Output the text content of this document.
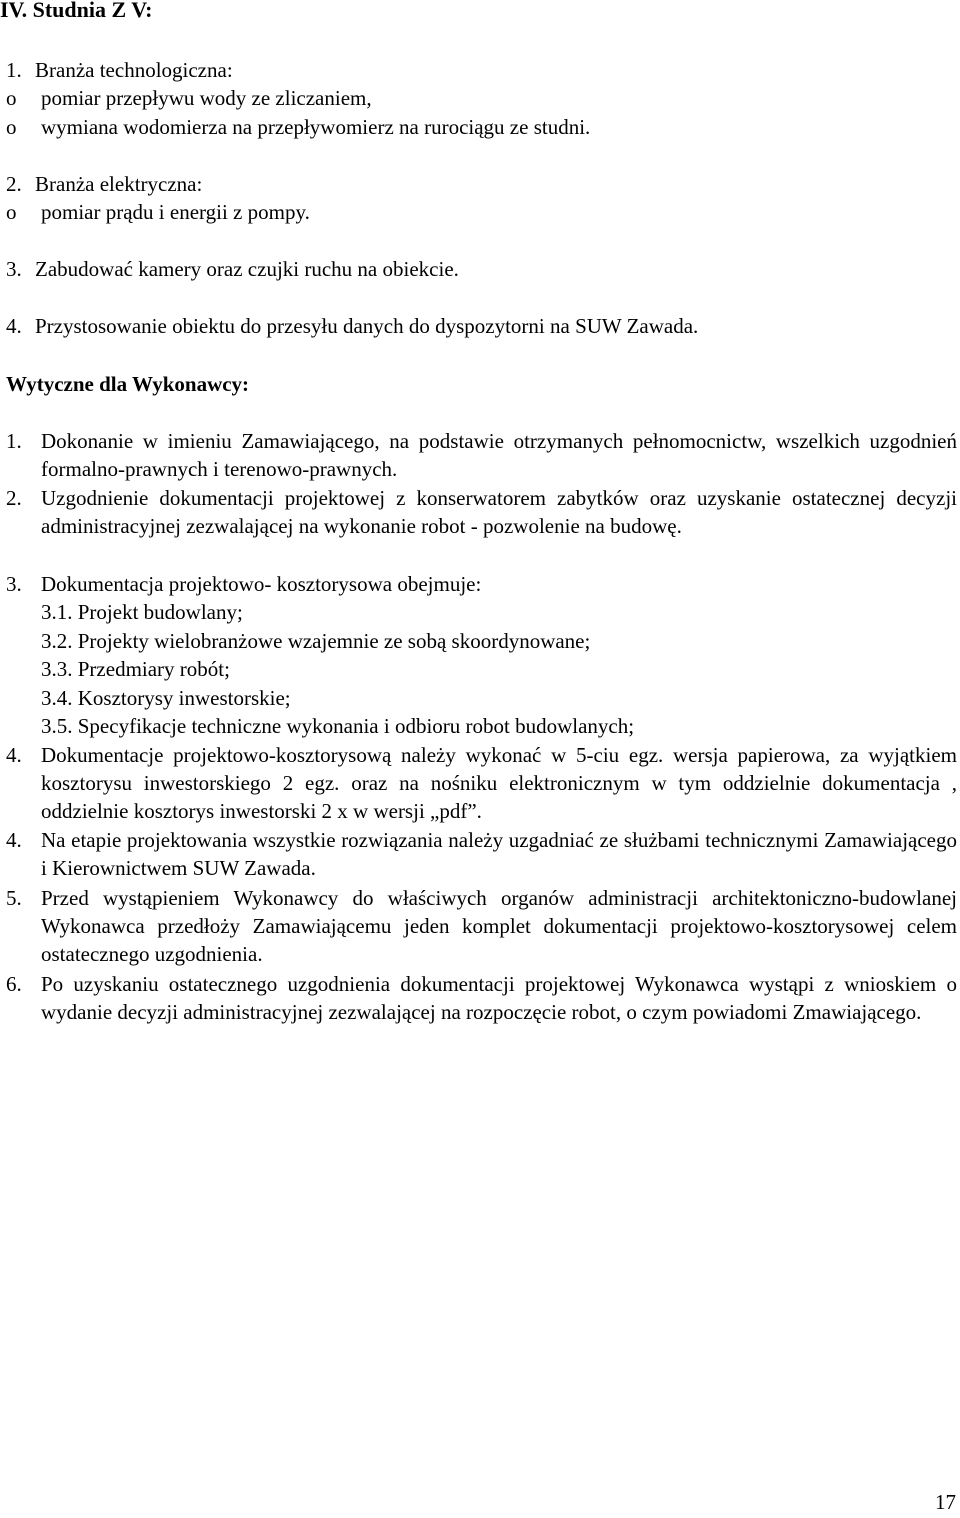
IV. Studnia Z V:
1. Branża technologiczna:
o pomiar przepływu wody ze zliczaniem,
o wymiana wodomierza na przepływomierz na rurociągu ze studni.
2. Branża elektryczna:
o pomiar prądu i energii z pompy.
3. Zabudować kamery oraz czujki ruchu na obiekcie.
4. Przystosowanie obiektu do przesyłu danych do dyspozytorni na SUW Zawada.
Wytyczne dla Wykonawcy:
1. Dokonanie w imieniu Zamawiającego, na podstawie otrzymanych pełnomocnictw, wszelkich uzgodnień formalno-prawnych i terenowo-prawnych.
2. Uzgodnienie dokumentacji projektowej z konserwatorem zabytków oraz uzyskanie ostatecznej decyzji administracyjnej zezwalającej na wykonanie robot - pozwolenie na budowę.
3. Dokumentacja projektowo- kosztorysowa obejmuje:
3.1. Projekt budowlany;
3.2. Projekty wielobranżowe wzajemnie ze sobą skoordynowane;
3.3. Przedmiary robót;
3.4. Kosztorysy inwestorskie;
3.5. Specyfikacje techniczne wykonania i odbioru robot budowlanych;
4. Dokumentacje projektowo-kosztorysową należy wykonać w 5-ciu egz. wersja papierowa, za wyjątkiem kosztorysu inwestorskiego 2 egz. oraz na nośniku elektronicznym w tym oddzielnie dokumentacja , oddzielnie kosztorys inwestorski 2 x w wersji „pdf”.
4. Na etapie projektowania wszystkie rozwiązania należy uzgadniać ze służbami technicznymi Zamawiającego i Kierownictwem SUW Zawada.
5. Przed wystąpieniem Wykonawcy do właściwych organów administracji architektoniczno-budowlanej Wykonawca przedłoży Zamawiającemu jeden komplet dokumentacji projektowo-kosztorysowej celem ostatecznego uzgodnienia.
6. Po uzyskaniu ostatecznego uzgodnienia dokumentacji projektowej Wykonawca wystąpi z wnioskiem o wydanie decyzji administracyjnej zezwalającej na rozpoczęcie robot, o czym powiadomi Zmawiającego.
17
